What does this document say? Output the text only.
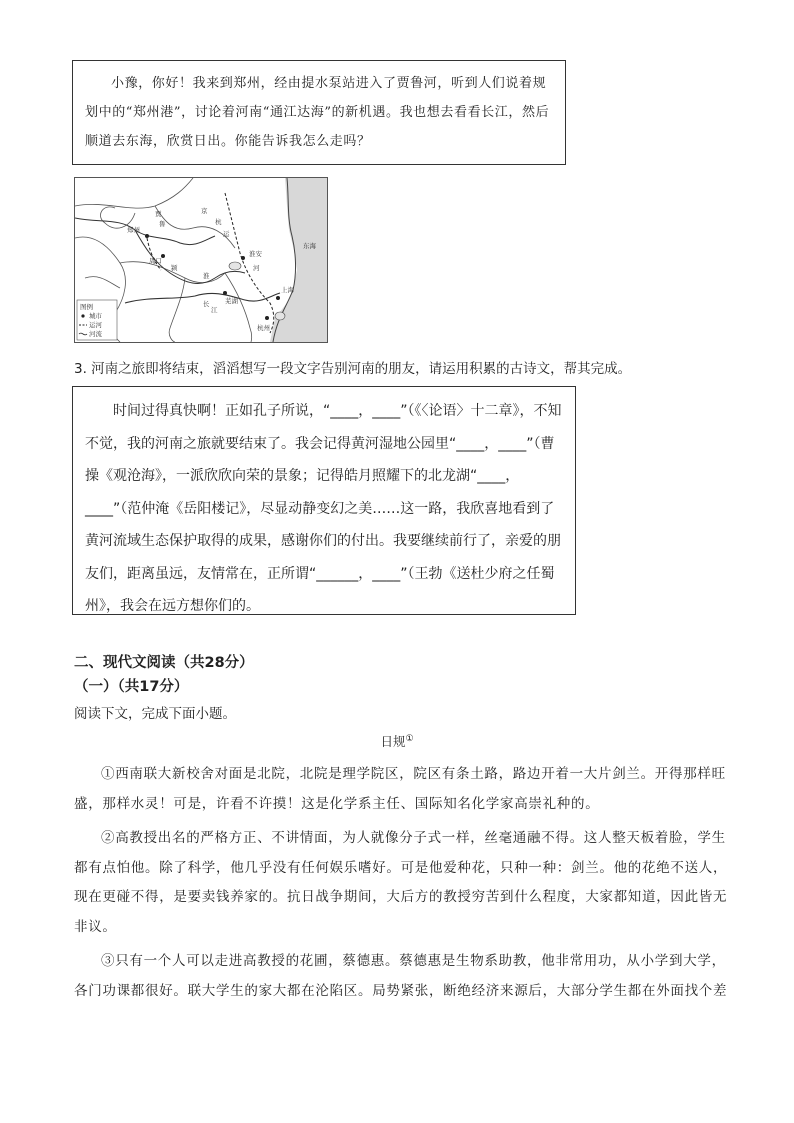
小豫，你好！我来到郑州，经由提水泵站进入了贾鲁河，听到人们说着规划中的“郑州港”，讨论着河南“通江达海”的新机遇。我也想去看看长江，然后顺道去东海，欣赏日出。你能告诉我怎么走吗？

郑州
周口
京
杭
运
河
淮安
贾
鲁
颍
淮
长
江
芜湖
上海
杭州
东海
图例
城市
运河
河流
3. 河南之旅即将结束，滔滔想写一段文字告别河南的朋友，请运用积累的古诗文，帮其完成。

时间过得真快啊！正如孔子所说，“____，____”（《〈论语〉十二章》，不知不觉，我的河南之旅就要结束了。我会记得黄河湿地公园里“____，____”（曹操《观沧海》，一派欣欣向荣的景象；记得皓月照耀下的北龙湖“____，____”（范仲淹《岳阳楼记》，尽显动静变幻之美……这一路，我欣喜地看到了黄河流域生态保护取得的成果，感谢你们的付出。我要继续前行了，亲爱的朋友们，距离虽远，友情常在，正所谓“______，____”（王勃《送杜少府之任蜀州》，我会在远方想你们的。

二、现代文阅读（共28分）
（一）（共17分）
阅读下文，完成下面小题。
日规①

①西南联大新校舍对面是北院，北院是理学院区，院区有条土路，路边开着一大片剑兰。开得那样旺盛，那样水灵！可是，许看不许摸！这是化学系主任、国际知名化学家高崇礼种的。

②高教授出名的严格方正、不讲情面，为人就像分子式一样，丝毫通融不得。这人整天板着脸，学生都有点怕他。除了科学，他几乎没有任何娱乐嗜好。可是他爱种花，只种一种：剑兰。他的花绝不送人，现在更碰不得，是要卖钱养家的。抗日战争期间，大后方的教授穷苦到什么程度，大家都知道，因此皆无非议。

③只有一个人可以走进高教授的花圃，蔡德惠。蔡德惠是生物系助教，他非常用功，从小学到大学，各门功课都很好。联大学生的家大都在沦陷区。局势紧张，断绝经济来源后，大部分学生都在外面找个差
